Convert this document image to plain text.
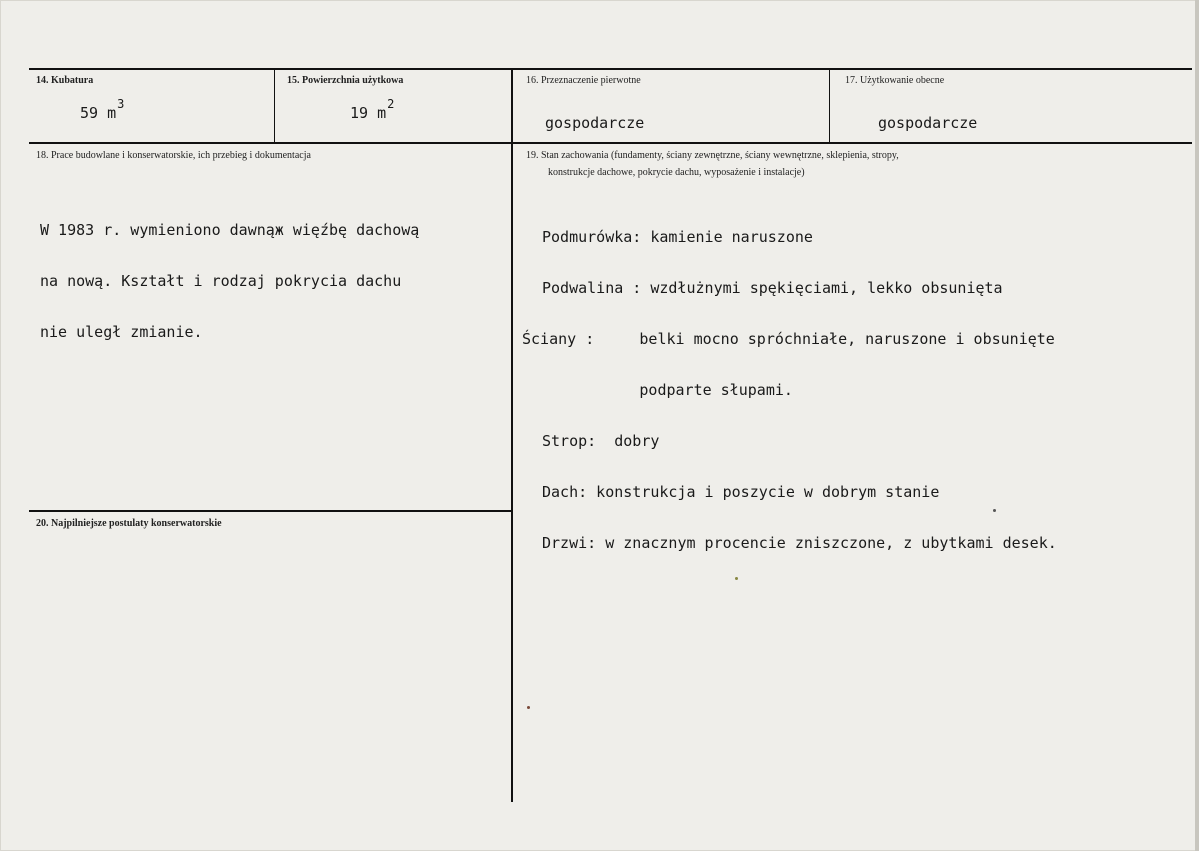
14. Kubatura
59 $m^3$
15. Powierzchnia użytkowa
19 $m^2$
16. Przeznaczenie pierwotne
gospodarcze
17. Użytkowanie obecne
gospodarcze
18. Prace budowlane i konserwatorskie, ich przebieg i dokumentacja

W 1983 r. wymieniono dawnąж więźbę dachową

na nową. Kształt i rodzaj pokrycia dachu

nie uległ zmianie.

19. Stan zachowania (fundamenty, ściany zewnętrzne, ściany wewnętrzne, sklepienia, stropy,
konstrukcje dachowe, pokrycie dachu, wyposażenie i instalacje)

Podmurówka: kamienie naruszone

Podwalina : wzdłużnymi spękięciami, lekko obsunięta

Ściany :     belki mocno spróchniałe, naruszone i obsunięte

podparte słupami.

Strop:  dobry

Dach: konstrukcja i poszycie w dobrym stanie

Drzwi: w znacznym procencie zniszczone, z ubytkami desek.

20. Najpilniejsze postulaty konserwatorskie
